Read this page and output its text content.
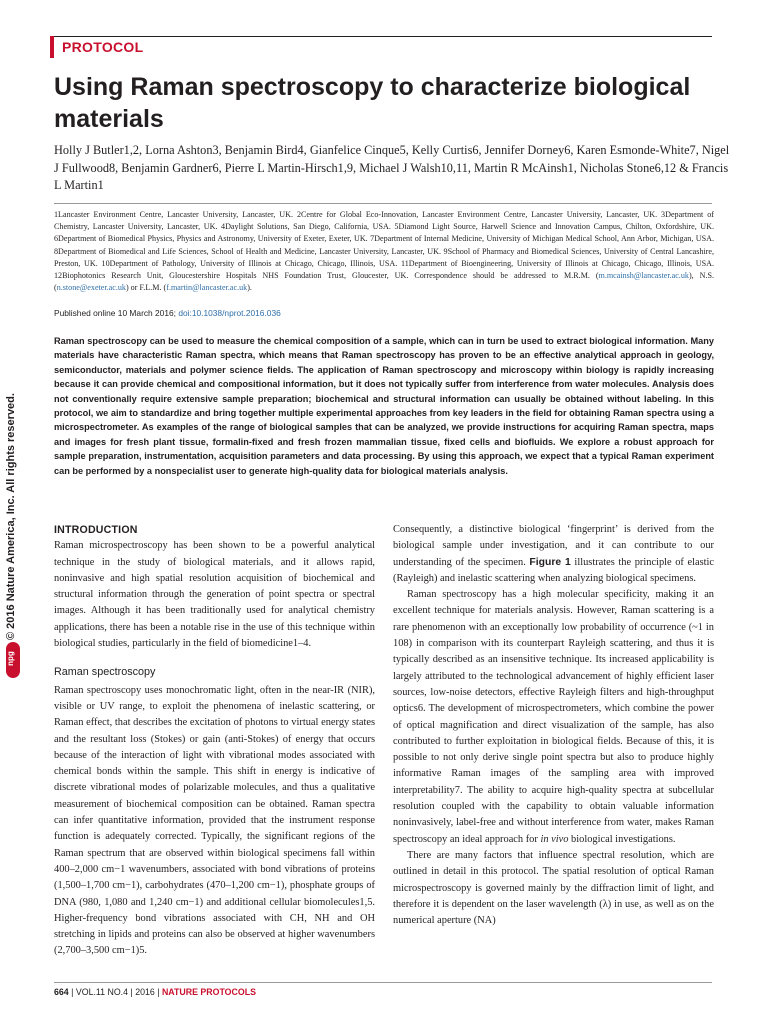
PROTOCOL
Using Raman spectroscopy to characterize biological materials
Holly J Butler1,2, Lorna Ashton3, Benjamin Bird4, Gianfelice Cinque5, Kelly Curtis6, Jennifer Dorney6, Karen Esmonde-White7, Nigel J Fullwood8, Benjamin Gardner6, Pierre L Martin-Hirsch1,9, Michael J Walsh10,11, Martin R McAinsh1, Nicholas Stone6,12 & Francis L Martin1
1Lancaster Environment Centre, Lancaster University, Lancaster, UK. 2Centre for Global Eco-Innovation, Lancaster Environment Centre, Lancaster University, Lancaster, UK. 3Department of Chemistry, Lancaster University, Lancaster, UK. 4Daylight Solutions, San Diego, California, USA. 5Diamond Light Source, Harwell Science and Innovation Campus, Chilton, Oxfordshire, UK. 6Department of Biomedical Physics, Physics and Astronomy, University of Exeter, Exeter, UK. 7Department of Internal Medicine, University of Michigan Medical School, Ann Arbor, Michigan, USA. 8Department of Biomedical and Life Sciences, School of Health and Medicine, Lancaster University, Lancaster, UK. 9School of Pharmacy and Biomedical Sciences, University of Central Lancashire, Preston, UK. 10Department of Pathology, University of Illinois at Chicago, Chicago, Illinois, USA. 11Department of Bioengineering, University of Illinois at Chicago, Chicago, Illinois, USA. 12Biophotonics Research Unit, Gloucestershire Hospitals NHS Foundation Trust, Gloucester, UK. Correspondence should be addressed to M.R.M. (m.mcainsh@lancaster.ac.uk), N.S. (n.stone@exeter.ac.uk) or F.L.M. (f.martin@lancaster.ac.uk).
Published online 10 March 2016; doi:10.1038/nprot.2016.036
Raman spectroscopy can be used to measure the chemical composition of a sample, which can in turn be used to extract biological information. Many materials have characteristic Raman spectra, which means that Raman spectroscopy has proven to be an effective analytical approach in geology, semiconductor, materials and polymer science fields. The application of Raman spectroscopy and microscopy within biology is rapidly increasing because it can provide chemical and compositional information, but it does not typically suffer from interference from water molecules. Analysis does not conventionally require extensive sample preparation; biochemical and structural information can usually be obtained without labeling. In this protocol, we aim to standardize and bring together multiple experimental approaches from key leaders in the field for obtaining Raman spectra using a microspectrometer. As examples of the range of biological samples that can be analyzed, we provide instructions for acquiring Raman spectra, maps and images for fresh plant tissue, formalin-fixed and fresh frozen mammalian tissue, fixed cells and biofluids. We explore a robust approach for sample preparation, instrumentation, acquisition parameters and data processing. By using this approach, we expect that a typical Raman experiment can be performed by a nonspecialist user to generate high-quality data for biological materials analysis.
© 2016 Nature America, Inc. All rights reserved.
npg
INTRODUCTION

Raman microspectroscopy has been shown to be a powerful analytical technique in the study of biological materials, and it allows rapid, noninvasive and high spatial resolution acquisition of biochemical and structural information through the generation of point spectra or spectral images. Although it has been traditionally used for analytical chemistry applications, there has been a notable rise in the use of this technique within biological studies, particularly in the field of biomedicine1–4.

Raman spectroscopy

Raman spectroscopy uses monochromatic light, often in the near-IR (NIR), visible or UV range, to exploit the phenomena of inelastic scattering, or Raman effect, that describes the excitation of photons to virtual energy states and the resultant loss (Stokes) or gain (anti-Stokes) of energy that occurs because of the interaction of light with vibrational modes associated with chemical bonds within the sample. This shift in energy is indicative of discrete vibrational modes of polarizable molecules, and thus a qualitative measurement of biochemical composition can be obtained. Raman spectra can infer quantitative information, provided that the instrument response function is adequately corrected. Typically, the significant regions of the Raman spectrum that are observed within biological specimens fall within 400–2,000 cm−1 wavenumbers, associated with bond vibrations of proteins (1,500–1,700 cm−1), carbohydrates (470–1,200 cm−1), phosphate groups of DNA (980, 1,080 and 1,240 cm−1) and additional cellular biomolecules1,5. Higher-frequency bond vibrations associated with CH, NH and OH stretching in lipids and proteins can also be observed at higher wavenumbers (2,700–3,500 cm−1)5.

Consequently, a distinctive biological ‘fingerprint’ is derived from the biological sample under investigation, and it can contribute to our understanding of the specimen. Figure 1 illustrates the principle of elastic (Rayleigh) and inelastic scattering when analyzing biological specimens.

Raman spectroscopy has a high molecular specificity, making it an excellent technique for materials analysis. However, Raman scattering is a rare phenomenon with an exceptionally low probability of occurrence (~1 in 108) in comparison with its counterpart Rayleigh scattering, and thus it is typically described as an insensitive technique. Its increased applicability is largely attributed to the technological advancement of highly efficient laser sources, low-noise detectors, effective Rayleigh filters and high-throughput optics6. The development of microspectrometers, which combine the power of optical magnification and direct visualization of the sample, has also contributed to further exploitation in biological fields. Because of this, it is possible to not only derive single point spectra but also to produce highly informative Raman images of the sampling area with improved interpretability7. The ability to acquire high-quality spectra at subcellular resolution coupled with the capability to obtain valuable information noninvasively, label-free and without interference from water, makes Raman spectroscopy an ideal approach for in vivo biological investigations.

There are many factors that influence spectral resolution, which are outlined in detail in this protocol. The spatial resolution of optical Raman microspectroscopy is governed mainly by the diffraction limit of light, and therefore it is dependent on the laser wavelength (λ) in use, as well as on the numerical aperture (NA)

664 | VOL.11 NO.4 | 2016 | NATURE PROTOCOLS
